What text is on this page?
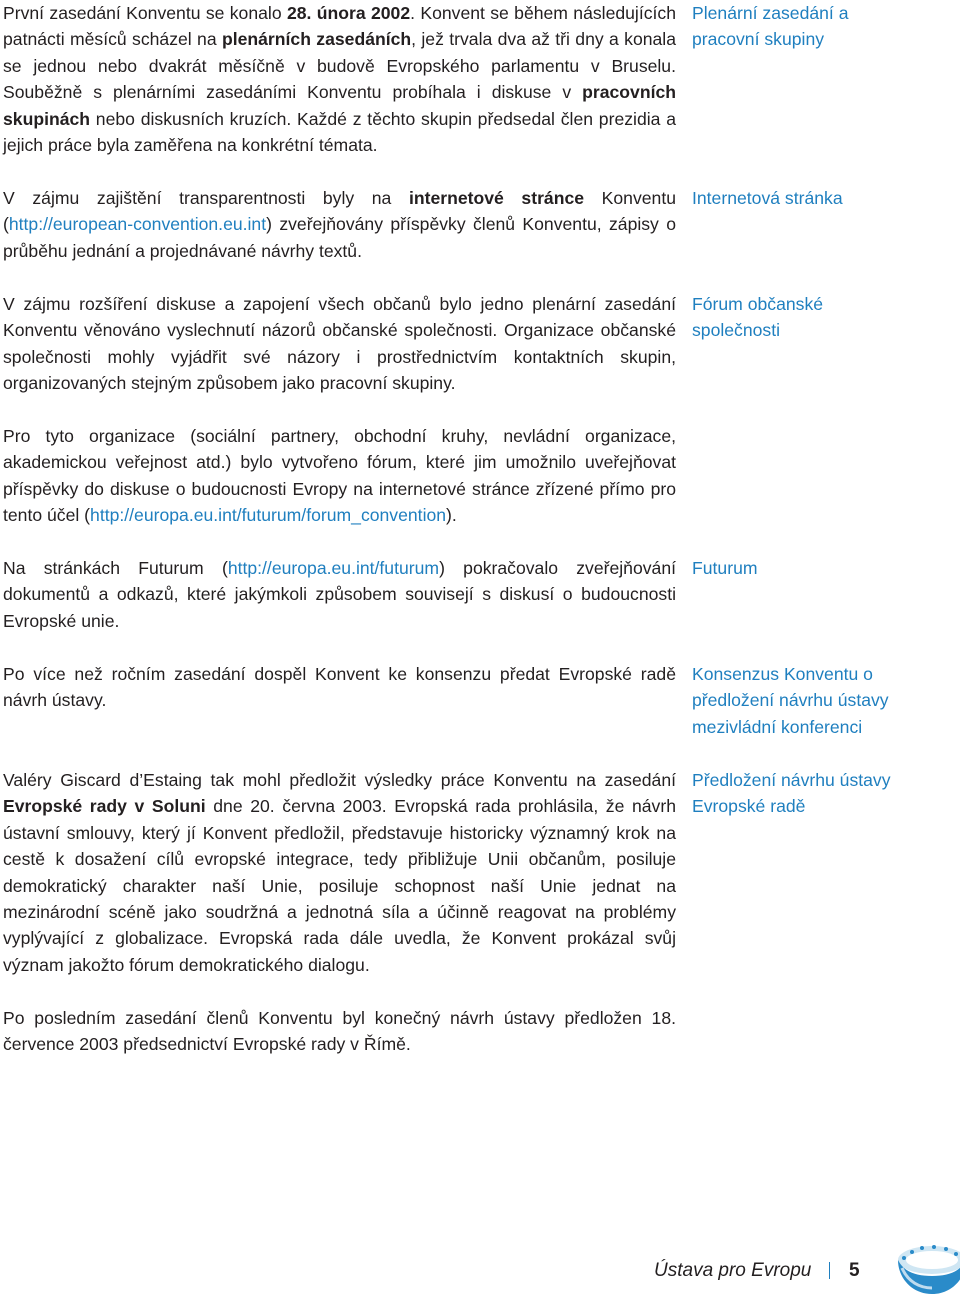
První zasedání Konventu se konalo 28. února 2002. Konvent se během následujících patnácti měsíců scházel na plenárních zasedáních, jež trvala dva až tři dny a konala se jednou nebo dvakrát měsíčně v budově Evropského parlamentu v Bruselu. Souběžně s plenárními zasedáními Konventu probíhala i diskuse v pracovních skupinách nebo diskusních kruzích. Každé z těchto skupin předsedal člen prezidia a jejich práce byla zaměřena na konkrétní témata.

Plenární zasedání a
pracovní skupiny

V zájmu zajištění transparentnosti byly na internetové stránce Konventu (http://european-convention.eu.int) zveřejňovány příspěvky členů Konventu, zápisy o průběhu jednání a projednávané návrhy textů.

Internetová stránka

V zájmu rozšíření diskuse a zapojení všech občanů bylo jedno plenární zasedání Konventu věnováno vyslechnutí názorů občanské společnosti. Organizace občanské společnosti mohly vyjádřit své názory i prostřednictvím kontaktních skupin, organizovaných stejným způsobem jako pracovní skupiny.

Fórum občanské
společnosti

Pro tyto organizace (sociální partnery, obchodní kruhy, nevládní organizace, akademickou veřejnost atd.) bylo vytvořeno fórum, které jim umožnilo uveřejňovat příspěvky do diskuse o budoucnosti Evropy na internetové stránce zřízené přímo pro tento účel (http://europa.eu.int/futurum/forum_convention).

Na stránkách Futurum (http://europa.eu.int/futurum) pokračovalo zveřejňování dokumentů a odkazů, které jakýmkoli způsobem souvisejí s diskusí o budoucnosti Evropské unie.

Futurum

Po více než ročním zasedání dospěl Konvent ke konsenzu předat Evropské radě návrh ústavy.

Konsenzus Konventu o
předložení návrhu ústavy
mezivládní konferenci

Valéry Giscard d’Estaing tak mohl předložit výsledky práce Konventu na zasedání Evropské rady v Soluni dne 20. června 2003. Evropská rada prohlásila, že návrh ústavní smlouvy, který jí Konvent předložil, představuje historicky významný krok na cestě k dosažení cílů evropské integrace, tedy přibližuje Unii občanům, posiluje demokratický charakter naší Unie, posiluje schopnost naší Unie jednat na mezinárodní scéně jako soudržná a jednotná síla a účinně reagovat na problémy vyplývající z globalizace. Evropská rada dále uvedla, že Konvent prokázal svůj význam jakožto fórum demokratického dialogu.

Předložení návrhu ústavy
Evropské radě

Po posledním zasedání členů Konventu byl konečný návrh ústavy předložen 18. července 2003 předsednictví Evropské rady v Římě.

Ústava pro Evropu 5
